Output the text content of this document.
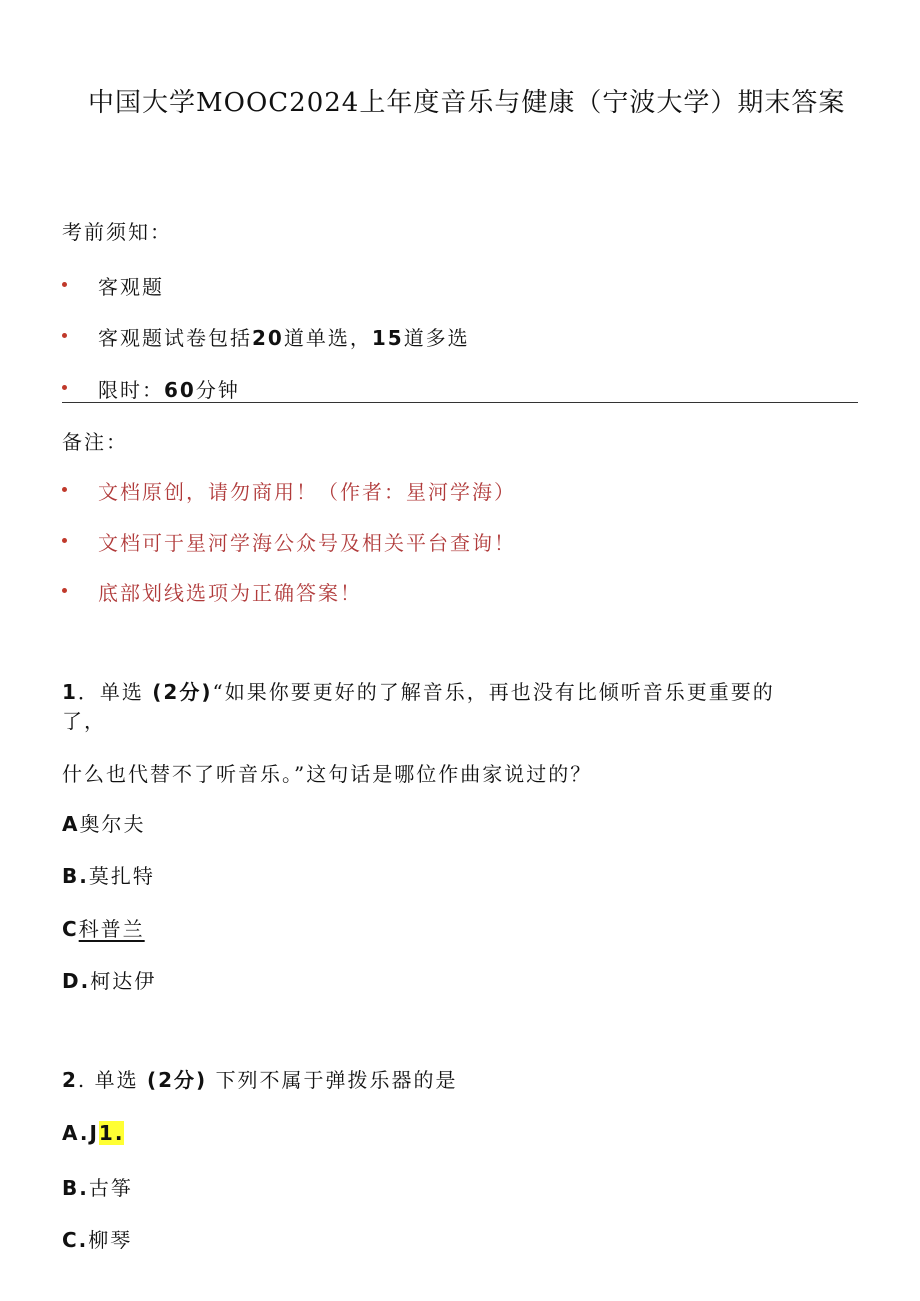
中国大学MOOC2024上年度音乐与健康（宁波大学）期末答案
考前须知：
客观题
客观题试卷包括20道单选，15道多选
限时：60分钟
备注：
文档原创，请勿商用！（作者：星河学海）
文档可于星河学海公众号及相关平台查询！
底部划线选项为正确答案！
1．单选 (2分)“如果你要更好的了解音乐，再也没有比倾听音乐更重要的
了，
什么也代替不了听音乐。”这句话是哪位作曲家说过的？
A奥尔夫
B.莫扎特
C科普兰
D.柯达伊
2. 单选 (2分) 下列不属于弹拨乐器的是
A.J1.
B.古筝
C.柳琴
